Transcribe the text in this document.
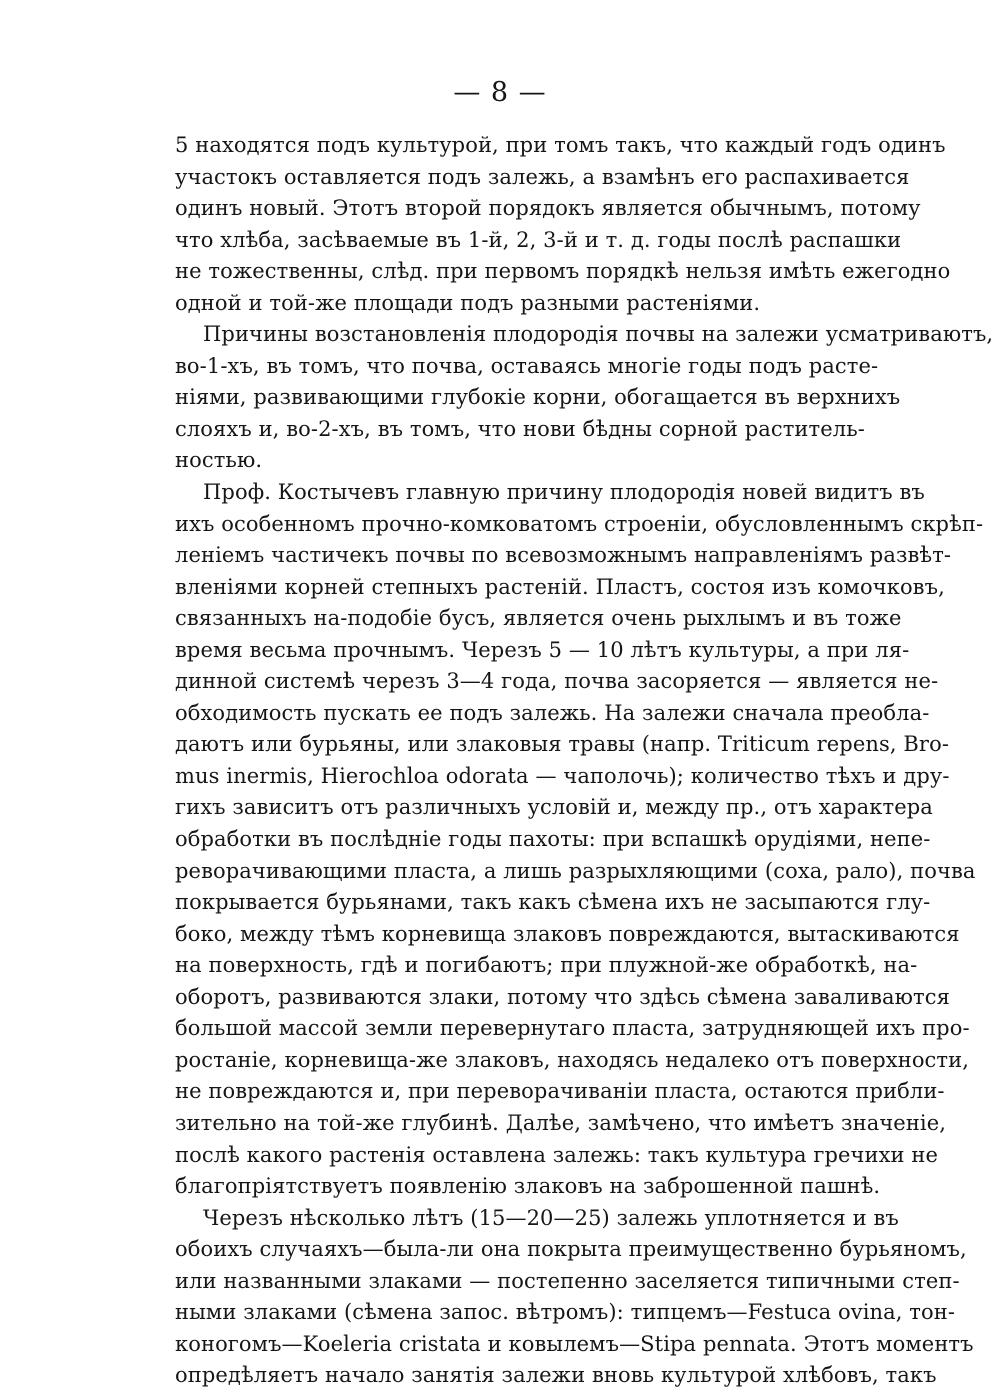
— 8 —
5 находятся подъ культурой, при томъ такъ, что каждый годъ одинъ
участокъ оставляется подъ залежь, а взамѣнъ его распахивается
одинъ новый. Этотъ второй порядокъ является обычнымъ, потому
что хлѣба, засѣваемые въ 1-й, 2, 3-й и т. д. годы послѣ распашки
не тожественны, слѣд. при первомъ порядкѣ нельзя имѣть ежегодно
одной и той-же площади подъ разными растеніями.
Причины возстановленія плодородія почвы на залежи усматриваютъ,
во-1-хъ, въ томъ, что почва, оставаясь многіе годы подъ расте-
ніями, развивающими глубокіе корни, обогащается въ верхнихъ
слояхъ и, во-2-хъ, въ томъ, что нови бѣдны сорной раститель-
ностью.
Проф. Костычевъ главную причину плодородія новей видитъ въ
ихъ особенномъ прочно-комковатомъ строеніи, обусловленнымъ скрѣп-
леніемъ частичекъ почвы по всевозможнымъ направленіямъ развѣт-
вленіями корней степныхъ растеній. Пластъ, состоя изъ комочковъ,
связанныхъ на-подобіе бусъ, является очень рыхлымъ и въ тоже
время весьма прочнымъ. Черезъ 5 — 10 лѣтъ культуры, а при ля-
динной системѣ черезъ 3—4 года, почва засоряется — является не-
обходимость пускать ее подъ залежь. На залежи сначала преобла-
даютъ или бурьяны, или злаковыя травы (напр. Triticum repens, Bro-
mus inermis, Hierochloa odorata — чаполочь); количество тѣхъ и дру-
гихъ зависитъ отъ различныхъ условій и, между пр., отъ характера
обработки въ послѣдніе годы пахоты: при вспашкѣ орудіями, непе-
реворачивающими пласта, а лишь разрыхляющими (соха, рало), почва
покрывается бурьянами, такъ какъ сѣмена ихъ не засыпаются глу-
боко, между тѣмъ корневища злаковъ повреждаются, вытаскиваются
на поверхность, гдѣ и погибаютъ; при плужной-же обработкѣ, на-
оборотъ, развиваются злаки, потому что здѣсь сѣмена заваливаются
большой массой земли перевернутаго пласта, затрудняющей ихъ про-
ростаніе, корневища-же злаковъ, находясь недалеко отъ поверхности,
не повреждаются и, при переворачиваніи пласта, остаются прибли-
зительно на той-же глубинѣ. Далѣе, замѣчено, что имѣетъ значеніе,
послѣ какого растенія оставлена залежь: такъ культура гречихи не
благопріятствуетъ появленію злаковъ на заброшенной пашнѣ.
Черезъ нѣсколько лѣтъ (15—20—25) залежь уплотняется и въ
обоихъ случаяхъ—была-ли она покрыта преимущественно бурьяномъ,
или названными злаками — постепенно заселяется типичными степ-
ными злаками (сѣмена запос. вѣтромъ): типцемъ—Festuca ovina, тон-
коногомъ—Koeleria cristata и ковылемъ—Stipa pennata. Этотъ моментъ
опредѣляетъ начало занятія залежи вновь культурой хлѣбовъ, такъ
